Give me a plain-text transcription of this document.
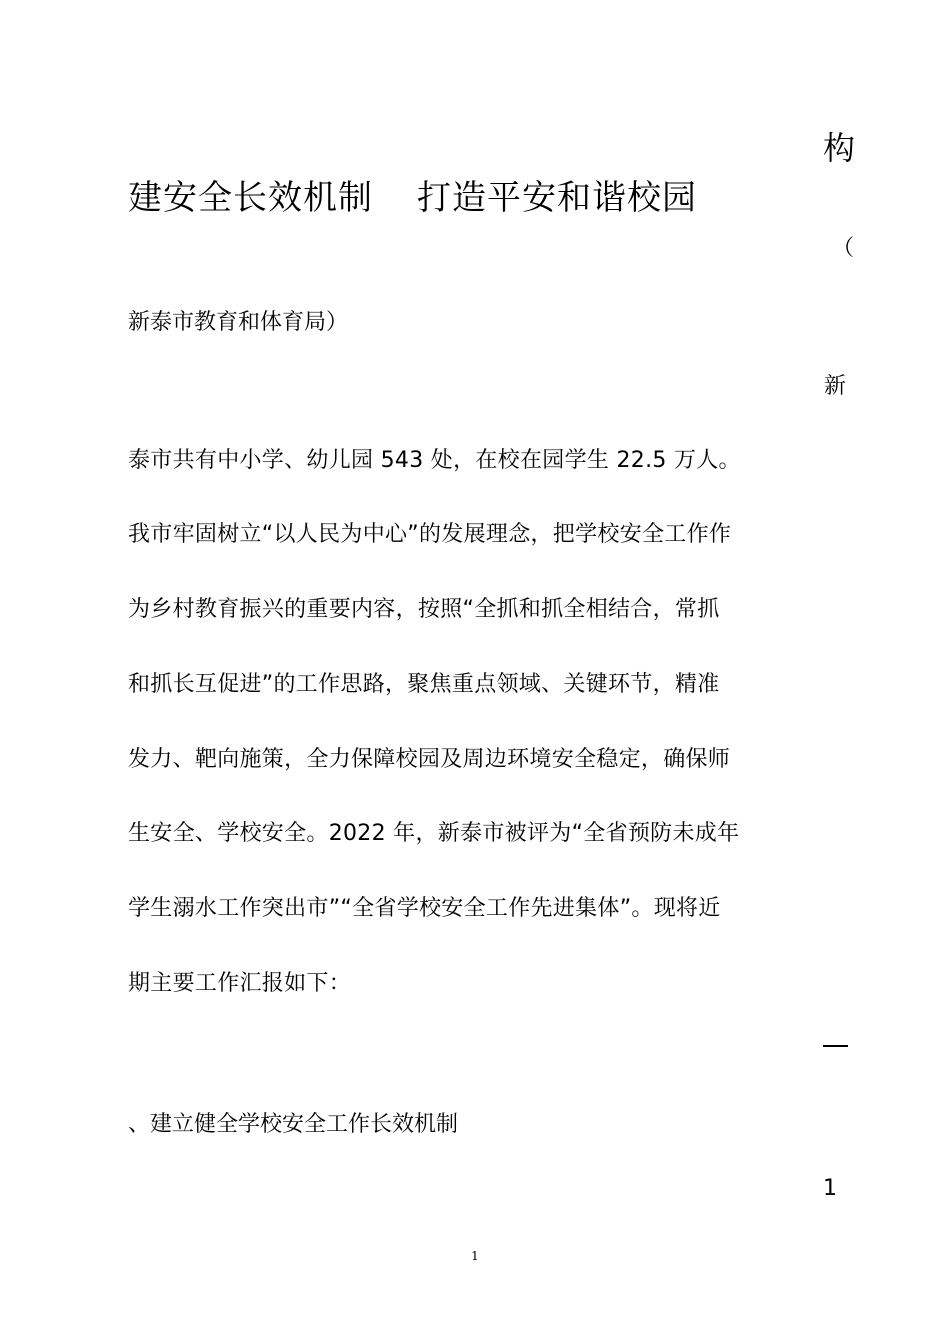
构
建安全长效机制 打造平安和谐校园
（
新泰市教育和体育局）
新
泰市共有中小学、幼儿园 543 处，在校在园学生 22.5 万人。
我市牢固树立“以人民为中心”的发展理念，把学校安全工作作
为乡村教育振兴的重要内容，按照“全抓和抓全相结合，常抓
和抓长互促进”的工作思路，聚焦重点领域、关键环节，精准
发力、靶向施策，全力保障校园及周边环境安全稳定，确保师
生安全、学校安全。2022 年，新泰市被评为“全省预防未成年
学生溺水工作突出市”“全省学校安全工作先进集体”。现将近
期主要工作汇报如下：
、建立健全学校安全工作长效机制
1
1
